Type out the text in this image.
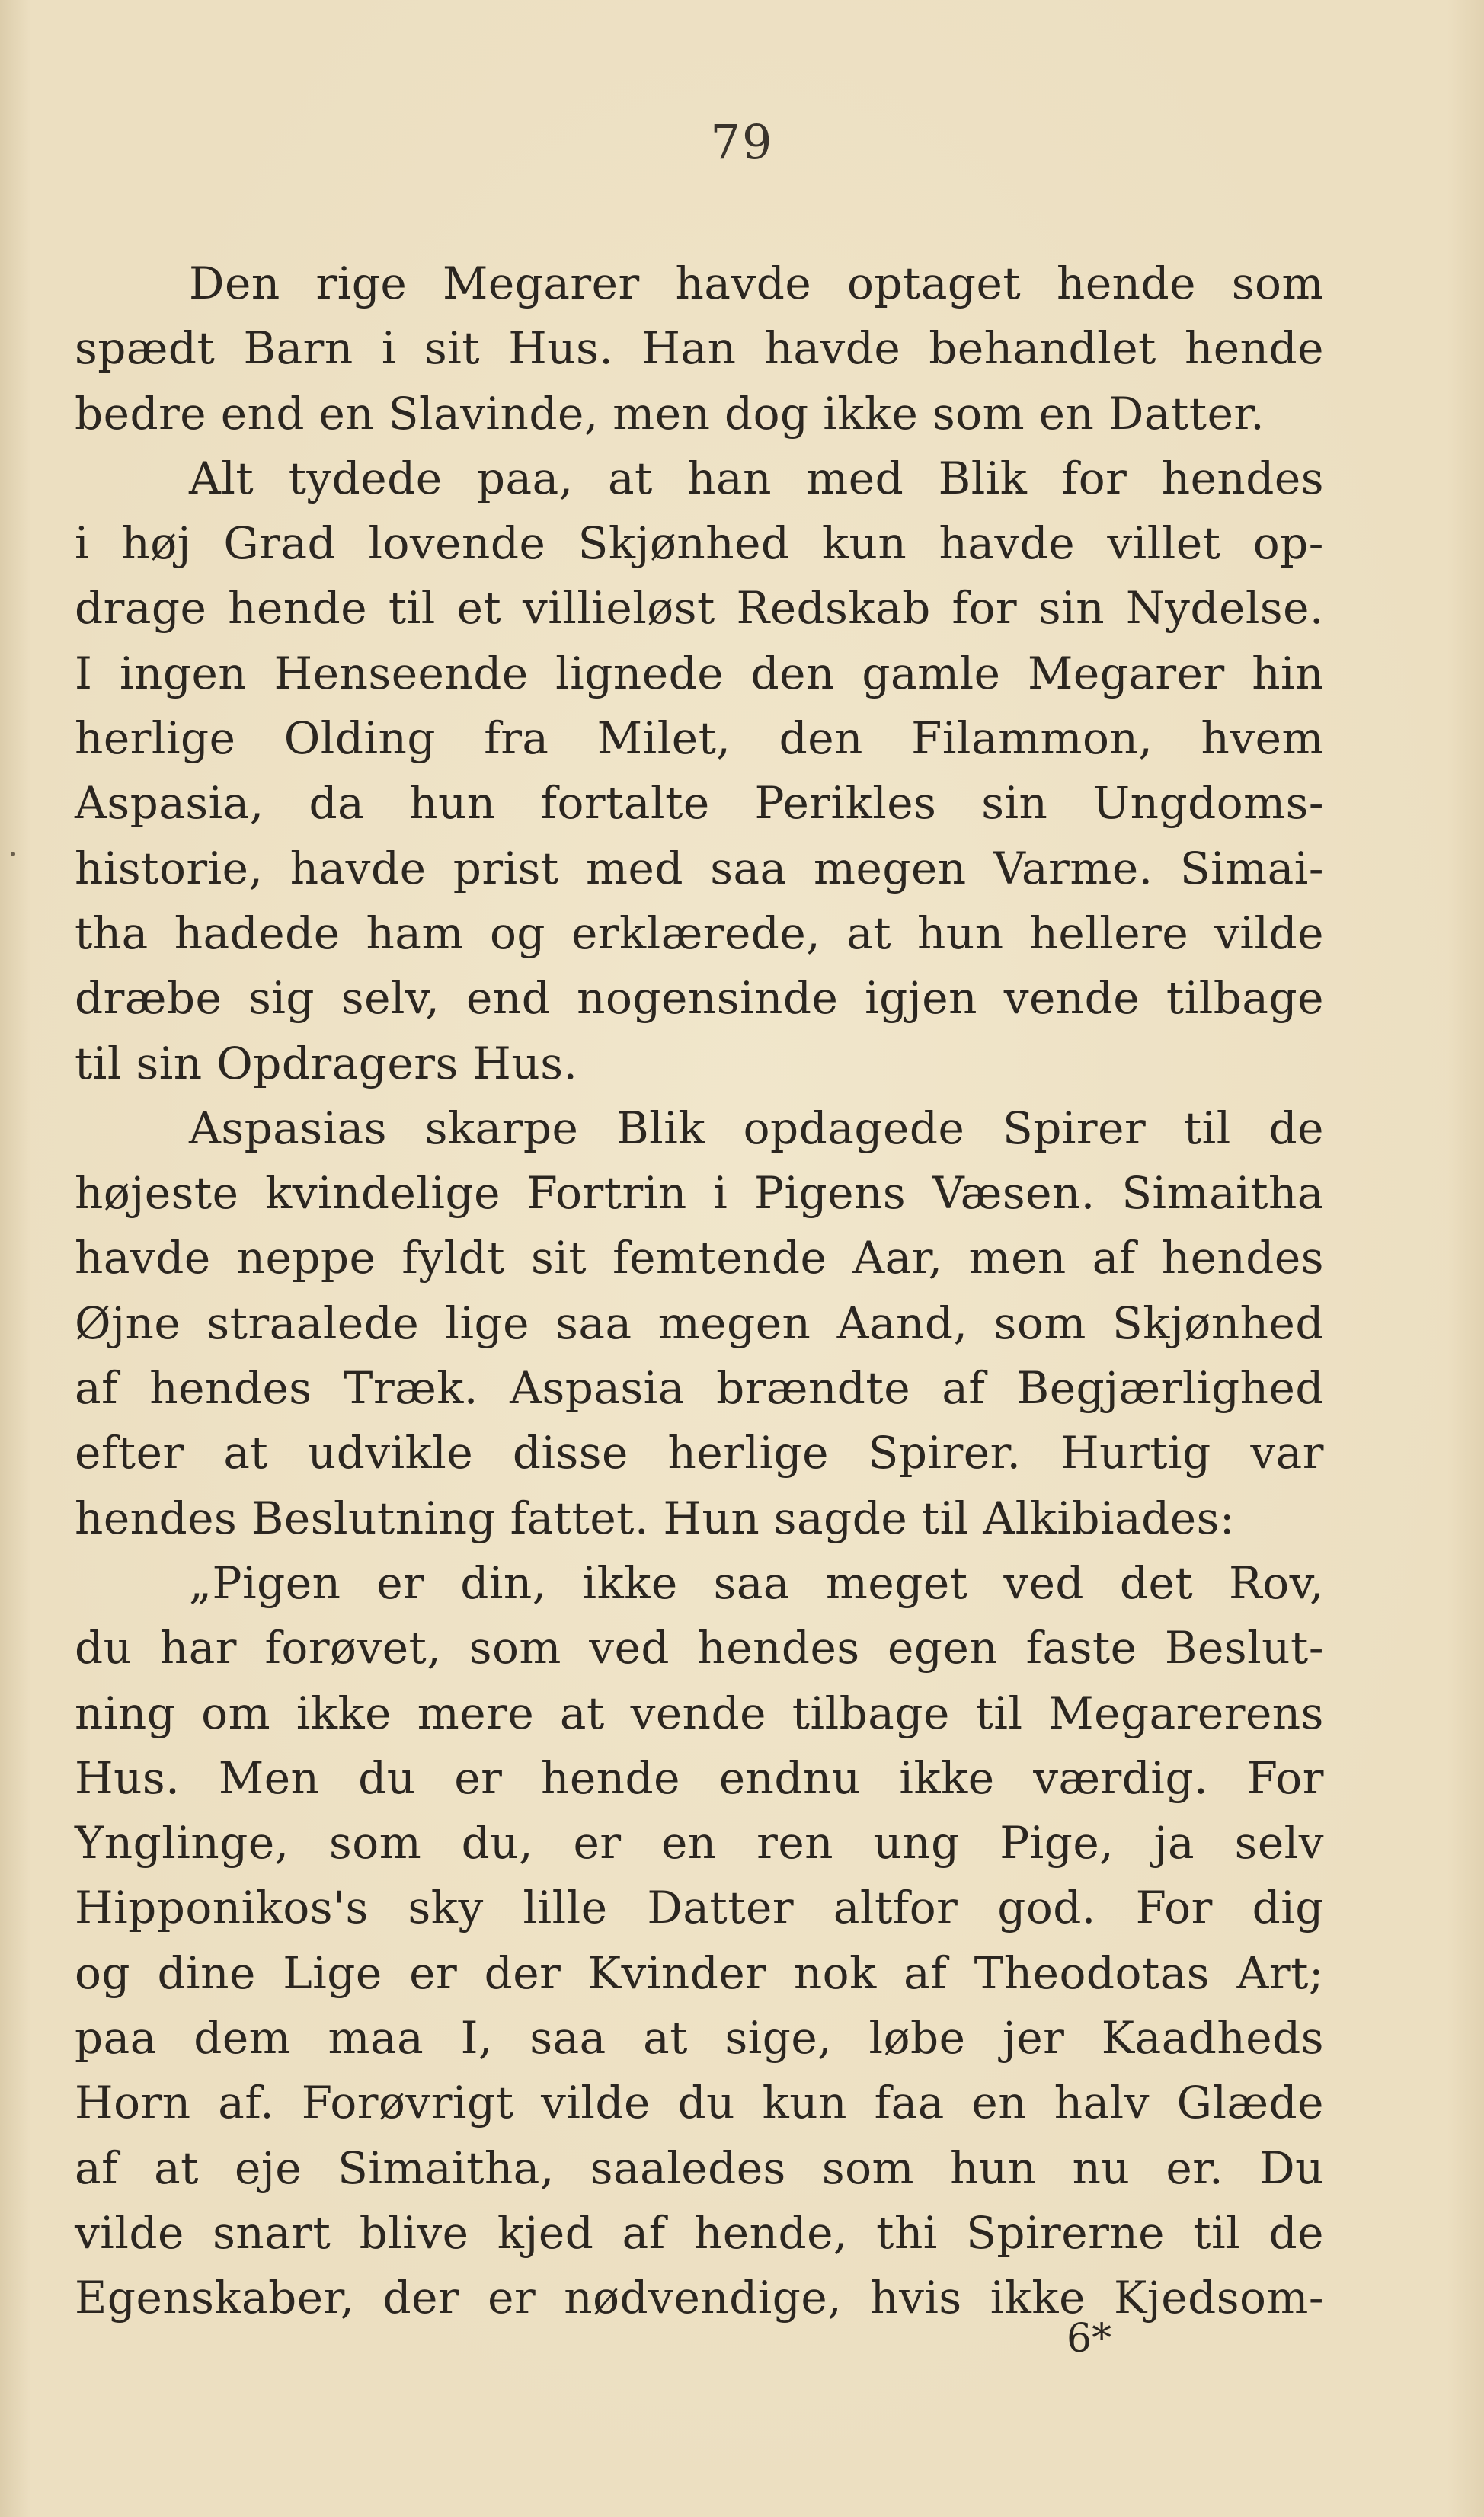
79
Den rige Megarer havde optaget hende som
spædt Barn i sit Hus. Han havde behandlet hende
bedre end en Slavinde, men dog ikke som en Datter.
Alt tydede paa, at han med Blik for hendes
i høj Grad lovende Skjønhed kun havde villet op-
drage hende til et villieløst Redskab for sin Nydelse.
I ingen Henseende lignede den gamle Megarer hin
herlige Olding fra Milet, den Filammon, hvem
Aspasia, da hun fortalte Perikles sin Ungdoms-
historie, havde prist med saa megen Varme. Simai-
tha hadede ham og erklærede, at hun hellere vilde
dræbe sig selv, end nogensinde igjen vende tilbage
til sin Opdragers Hus.
Aspasias skarpe Blik opdagede Spirer til de
højeste kvindelige Fortrin i Pigens Væsen. Simaitha
havde neppe fyldt sit femtende Aar, men af hendes
Øjne straalede lige saa megen Aand, som Skjønhed
af hendes Træk. Aspasia brændte af Begjærlighed
efter at udvikle disse herlige Spirer. Hurtig var
hendes Beslutning fattet. Hun sagde til Alkibiades:
„Pigen er din, ikke saa meget ved det Rov,
du har forøvet, som ved hendes egen faste Beslut-
ning om ikke mere at vende tilbage til Megarerens
Hus. Men du er hende endnu ikke værdig. For
Ynglinge, som du, er en ren ung Pige, ja selv
Hipponikos's sky lille Datter altfor god. For dig
og dine Lige er der Kvinder nok af Theodotas Art;
paa dem maa I, saa at sige, løbe jer Kaadheds
Horn af. Forøvrigt vilde du kun faa en halv Glæde
af at eje Simaitha, saaledes som hun nu er. Du
vilde snart blive kjed af hende, thi Spirerne til de
Egenskaber, der er nødvendige, hvis ikke Kjedsom-
6*
